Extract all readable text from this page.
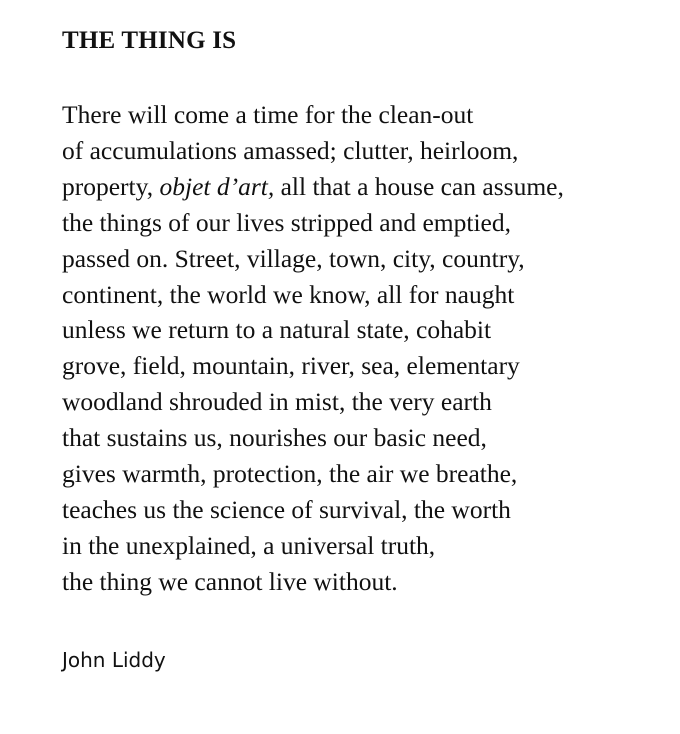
THE THING IS
There will come a time for the clean-out
of accumulations amassed; clutter, heirloom,
property, objet d’art, all that a house can assume,
the things of our lives stripped and emptied,
passed on. Street, village, town, city, country,
continent, the world we know, all for naught
unless we return to a natural state, cohabit
grove, field, mountain, river, sea, elementary
woodland shrouded in mist, the very earth
that sustains us, nourishes our basic need,
gives warmth, protection, the air we breathe,
teaches us the science of survival, the worth
in the unexplained, a universal truth,
the thing we cannot live without.

John Liddy
